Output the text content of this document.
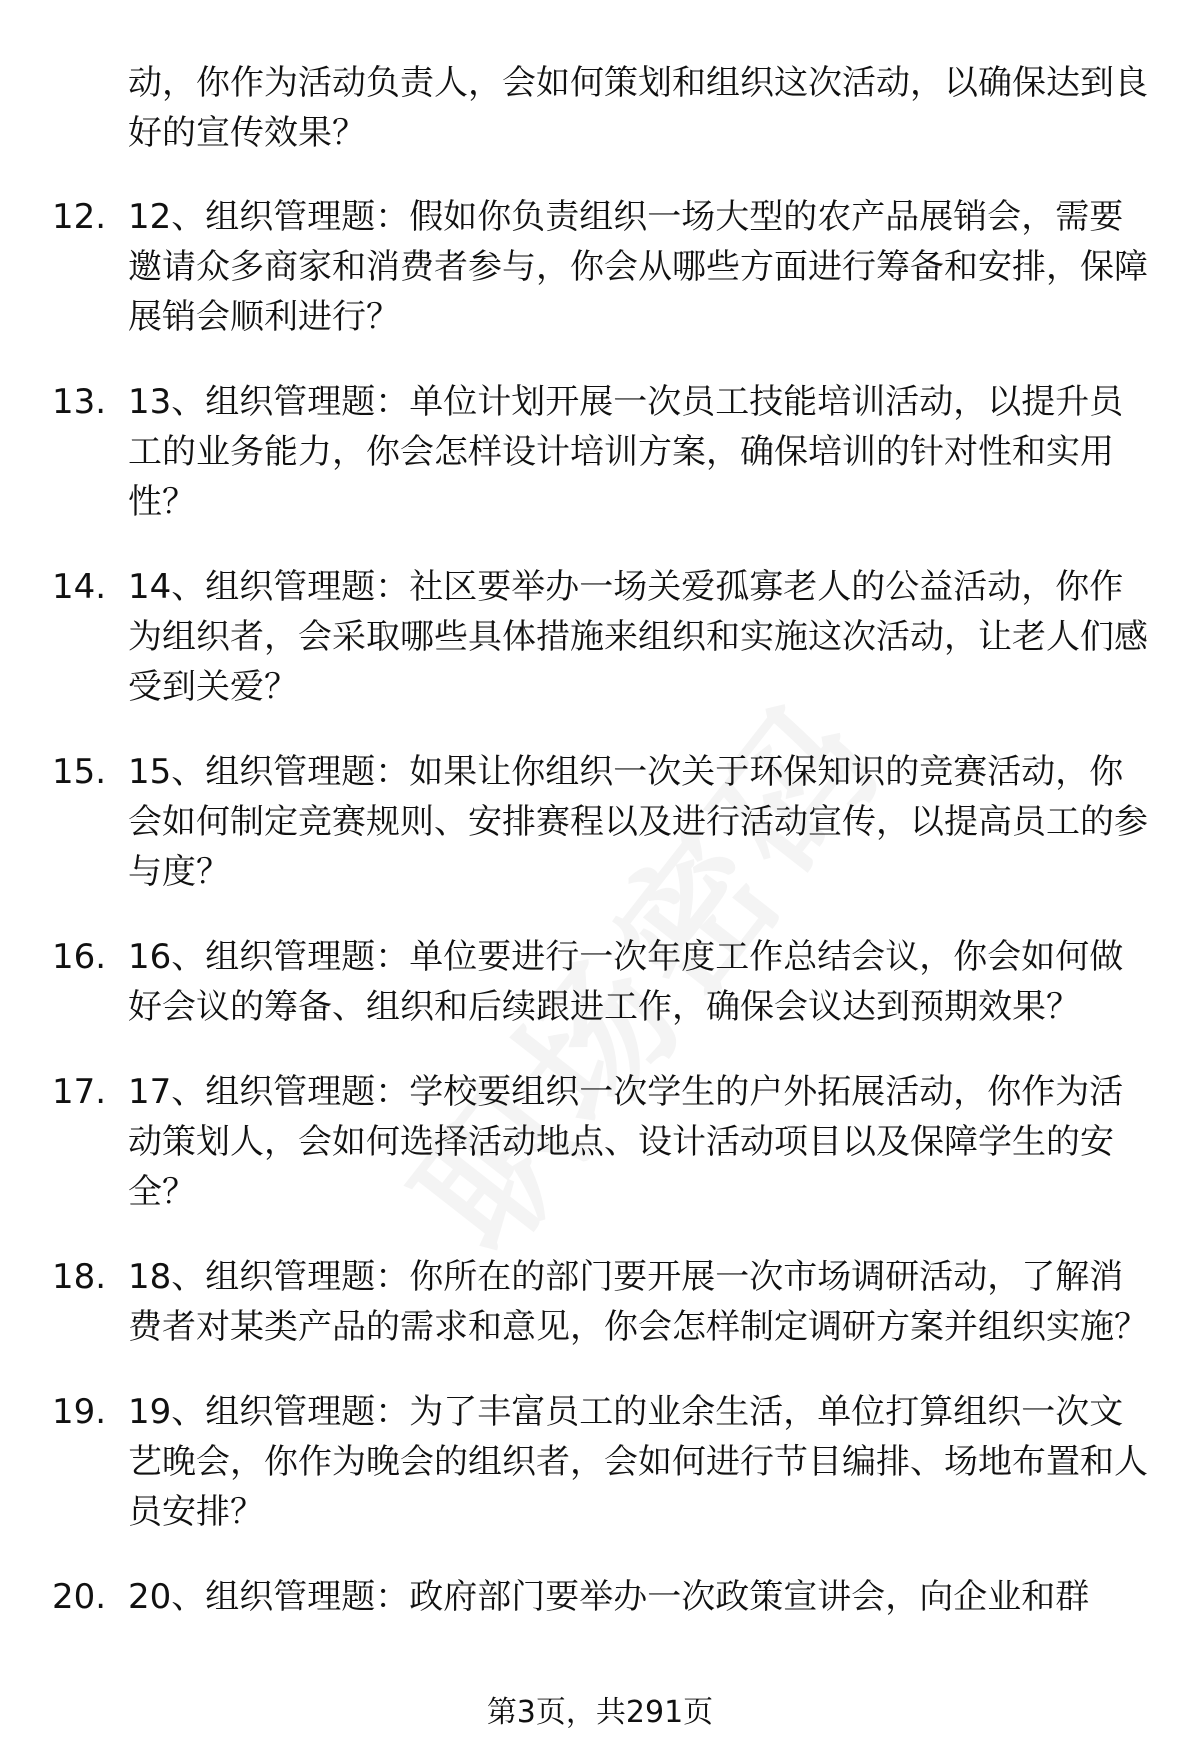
动，你作为活动负责人，会如何策划和组织这次活动，以确保达到良好的宣传效果？
12. 12、组织管理题：假如你负责组织一场大型的农产品展销会，需要邀请众多商家和消费者参与，你会从哪些方面进行筹备和安排，保障展销会顺利进行？
13. 13、组织管理题：单位计划开展一次员工技能培训活动，以提升员工的业务能力，你会怎样设计培训方案，确保培训的针对性和实用性？
14. 14、组织管理题：社区要举办一场关爱孤寡老人的公益活动，你作为组织者，会采取哪些具体措施来组织和实施这次活动，让老人们感受到关爱？
15. 15、组织管理题：如果让你组织一次关于环保知识的竞赛活动，你会如何制定竞赛规则、安排赛程以及进行活动宣传，以提高员工的参与度？
16. 16、组织管理题：单位要进行一次年度工作总结会议，你会如何做好会议的筹备、组织和后续跟进工作，确保会议达到预期效果？
17. 17、组织管理题：学校要组织一次学生的户外拓展活动，你作为活动策划人，会如何选择活动地点、设计活动项目以及保障学生的安全？
18. 18、组织管理题：你所在的部门要开展一次市场调研活动，了解消费者对某类产品的需求和意见，你会怎样制定调研方案并组织实施？
19. 19、组织管理题：为了丰富员工的业余生活，单位打算组织一次文艺晚会，你作为晚会的组织者，会如何进行节目编排、场地布置和人员安排？
20. 20、组织管理题：政府部门要举办一次政策宣讲会，向企业和群
第3页，共291页
